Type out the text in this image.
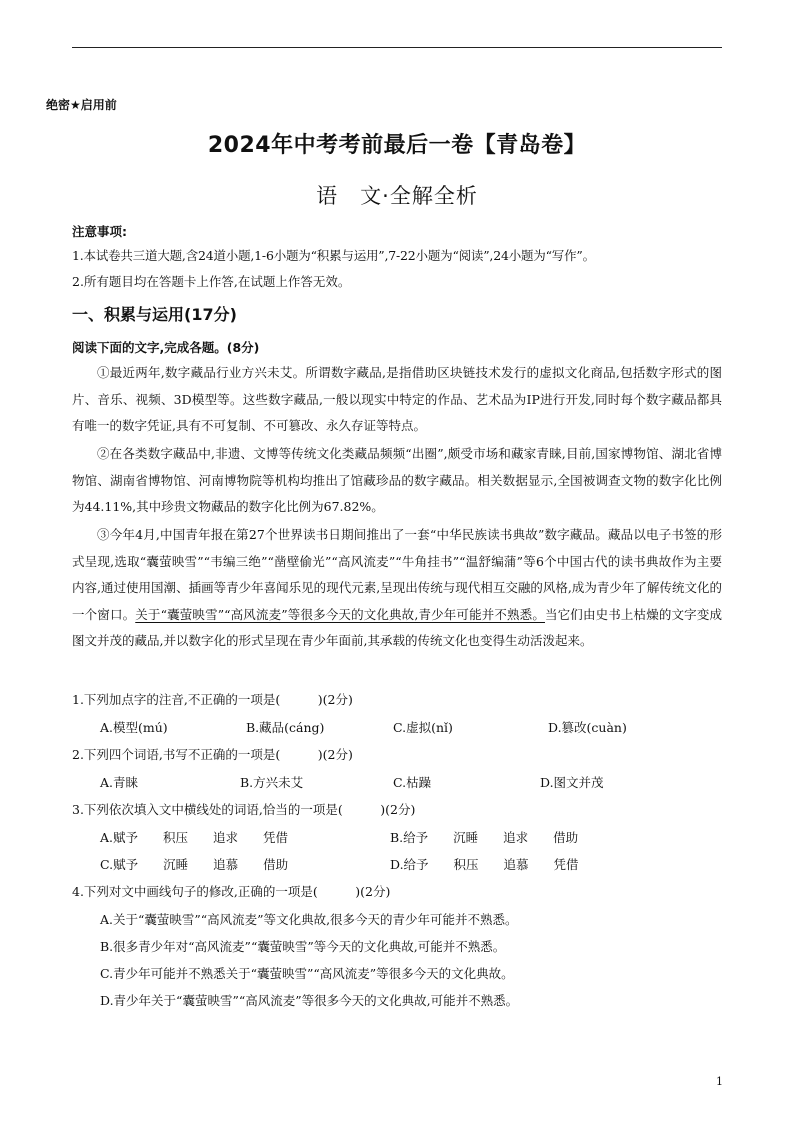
绝密★启用前
2024年中考考前最后一卷【青岛卷】
语　文·全解全析
注意事项:
1.本试卷共三道大题,含24道小题,1-6小题为“积累与运用”,7-22小题为“阅读”,24小题为“写作”。
2.所有题目均在答题卡上作答,在试题上作答无效。
一、积累与运用(17分)
阅读下面的文字,完成各题。(8分)
①最近两年,数字藏品行业方兴未艾。所谓数字藏品,是指借助区块链技术发行的虚拟文化商品,包括数字形式的图片、音乐、视频、3D模型等。这些数字藏品,一般以现实中特定的作品、艺术品为IP进行开发,同时每个数字藏品都具有唯一的数字凭证,具有不可复制、不可篡改、永久存证等特点。
②在各类数字藏品中,非遗、文博等传统文化类藏品频频“出圈”,颇受市场和藏家青睐,目前,国家博物馆、湖北省博物馆、湖南省博物馆、河南博物院等机构均推出了馆藏珍品的数字藏品。相关数据显示,全国被调查文物的数字化比例为44.11%,其中珍贵文物藏品的数字化比例为67.82%。
③今年4月,中国青年报在第27个世界读书日期间推出了一套“中华民族读书典故”数字藏品。藏品以电子书签的形式呈现,选取“囊萤映雪”“韦编三绝”“凿壁偷光”“高风流麦”“牛角挂书”“温舒编蒲”等6个中国古代的读书典故作为主要内容,通过使用国潮、插画等青少年喜闻乐见的现代元素,呈现出传统与现代相互交融的风格,成为青少年了解传统文化的一个窗口。关于“囊萤映雪”“高风流麦”等很多今天的文化典故,青少年可能并不熟悉。当它们由史书上枯燥的文字变成图文并茂的藏品,并以数字化的形式呈现在青少年面前,其承载的传统文化也变得生动活泼起来。
1.下列加点字的注音,不正确的一项是(　　　)(2分)
A.模型(mú)	B.藏品(cáng)	C.虚拟(nǐ)	D.篡改(cuàn)
2.下列四个词语,书写不正确的一项是(　　　)(2分)
A.青睐	B.方兴未艾	C.枯躁	D.图文并茂
3.下列依次填入文中横线处的词语,恰当的一项是(　　　)(2分)
A.赋予　　积压　　追求　　凭借	B.给予　　沉睡　　追求　　借助
C.赋予　　沉睡　　追慕　　借助	D.给予　　积压　　追慕　　凭借
4.下列对文中画线句子的修改,正确的一项是(　　　)(2分)
A.关于“囊萤映雪”“高风流麦”等文化典故,很多今天的青少年可能并不熟悉。
B.很多青少年对“高风流麦”“囊萤映雪”等今天的文化典故,可能并不熟悉。
C.青少年可能并不熟悉关于“囊萤映雪”“高风流麦”等很多今天的文化典故。
D.青少年关于“囊萤映雪”“高风流麦”等很多今天的文化典故,可能并不熟悉。
1
